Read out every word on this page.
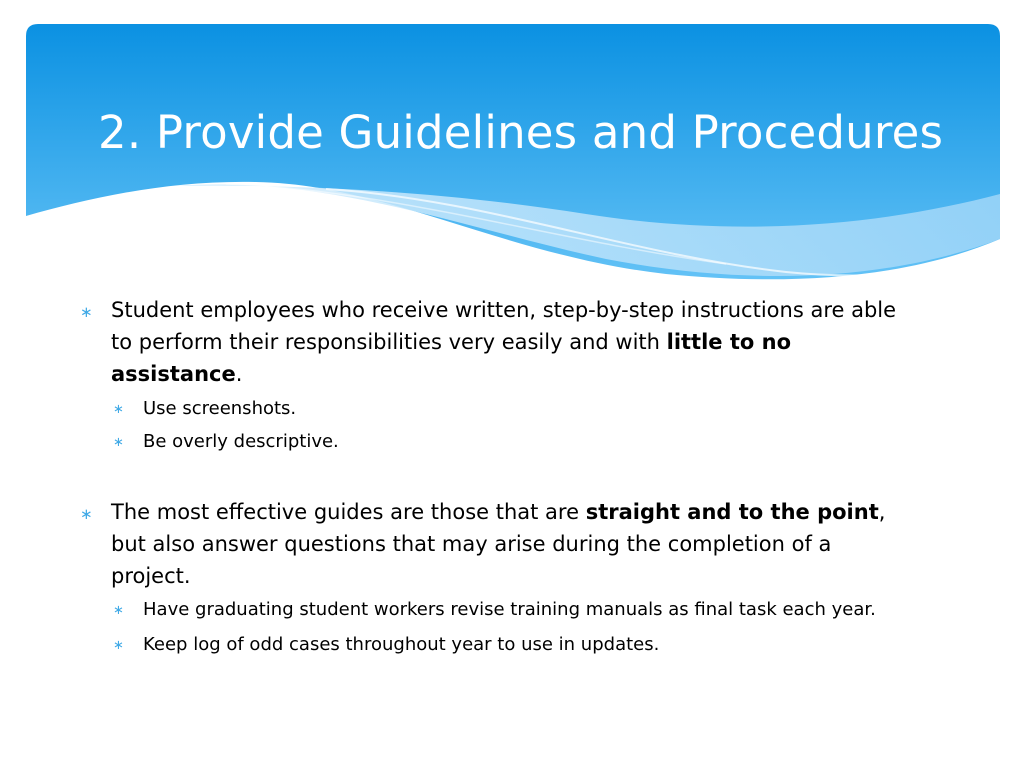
2. Provide Guidelines and Procedures

∗ Student employees who receive written, step-by-step instructions are able to perform their responsibilities very easily and with little to no assistance.

∗ Use screenshots.
∗ Be overly descriptive.

∗ The most effective guides are those that are straight and to the point, but also answer questions that may arise during the completion of a project.

∗ Have graduating student workers revise training manuals as final task each year.
∗ Keep log of odd cases throughout year to use in updates.
